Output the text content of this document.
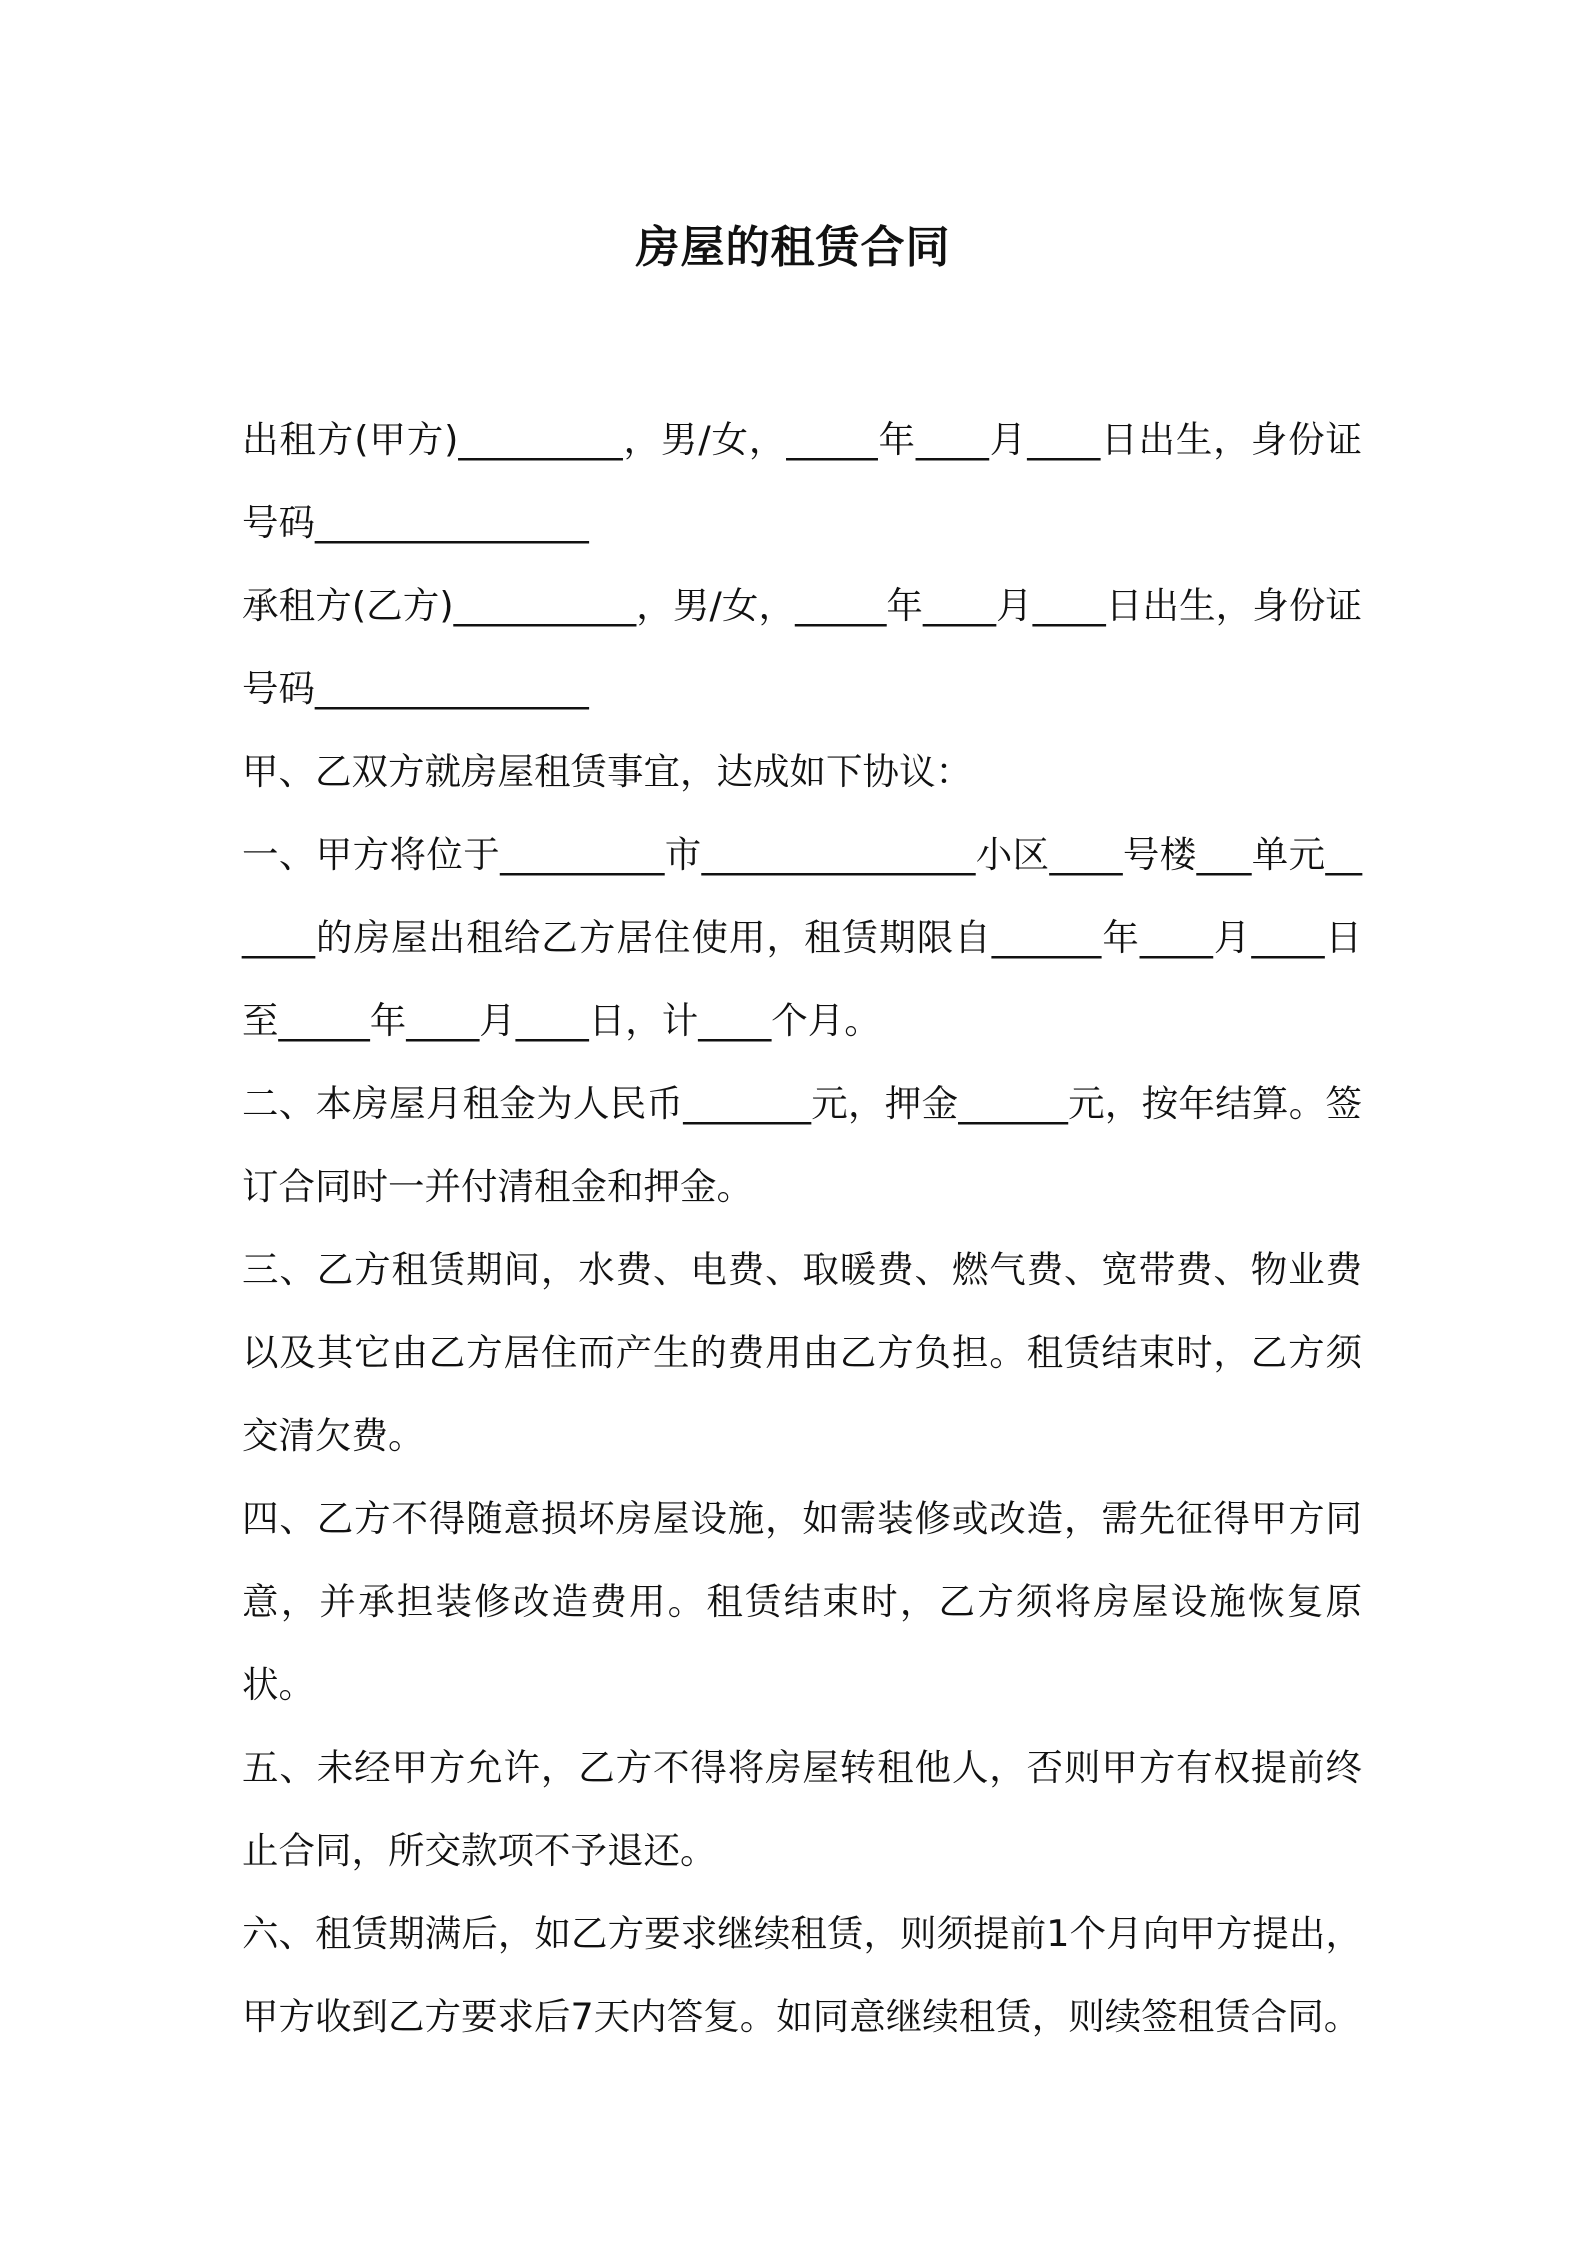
房屋的租赁合同

出租方(甲方)_________，男/女，_____年____月____日出生，身份证号码_______________

承租方(乙方)__________，男/女，_____年____月____日出生，身份证号码_______________

甲、乙双方就房屋租赁事宜，达成如下协议：

一、甲方将位于_________市_______________小区____号楼___单元______的房屋出租给乙方居住使用，租赁期限自______年____月____日至_____年____月____日，计____个月。

二、本房屋月租金为人民币_______元，押金______元，按年结算。签订合同时一并付清租金和押金。

三、乙方租赁期间，水费、电费、取暖费、燃气费、宽带费、物业费以及其它由乙方居住而产生的费用由乙方负担。租赁结束时，乙方须交清欠费。

四、乙方不得随意损坏房屋设施，如需装修或改造，需先征得甲方同意，并承担装修改造费用。租赁结束时，乙方须将房屋设施恢复原状。

五、未经甲方允许，乙方不得将房屋转租他人，否则甲方有权提前终止合同，所交款项不予退还。

六、租赁期满后，如乙方要求继续租赁，则须提前1个月向甲方提出，甲方收到乙方要求后7天内答复。如同意继续租赁，则续签租赁合同。
